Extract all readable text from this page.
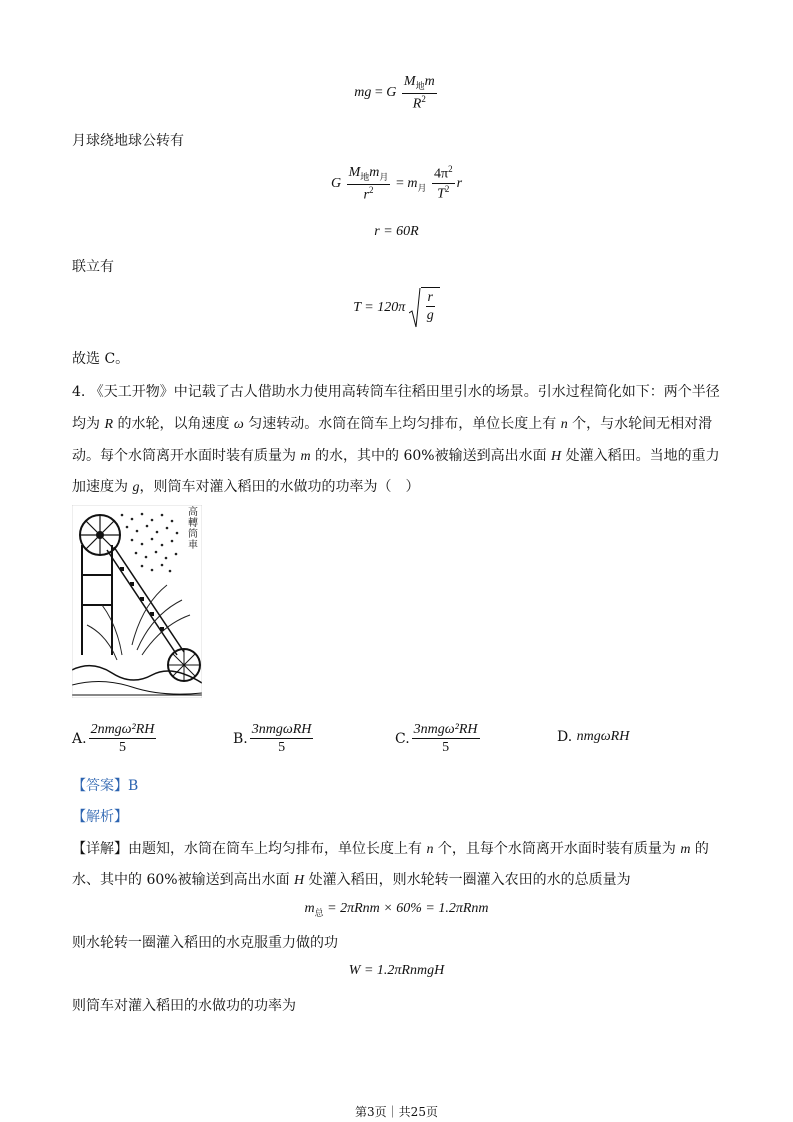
mg = G $\frac{M_地m}{R^2}$
月球绕地球公转有
G $\frac{M_地m_月}{r^2} = m_月 \frac{4\pi^2}{T^2}$ r
r = 60R
联立有
$T = 120\pi \frac{r}{g}$
故选 C。
4. 《天工开物》中记载了古人借助水力使用高转筒车往稻田里引水的场景。引水过程简化如下：两个半径
均为 R 的水轮，以角速度 ω 匀速转动。水筒在筒车上均匀排布，单位长度上有 n 个，与水轮间无相对滑
动。每个水筒离开水面时装有质量为 m 的水，其中的 60%被输送到高出水面 H 处灌入稻田。当地的重力
加速度为 g，则筒车对灌入稻田的水做功的功率为（　）
高轉筒車
A. $\frac{\text{2nmgω²RH}}{5}$	B. $\frac{\text{3nmgωRH}}{5}$	C. $\frac{\text{3nmgω²RH}}{5}$	D.
nmgωRH
【答案】B
【解析】
【详解】由题知，水筒在筒车上均匀排布，单位长度上有 n 个，且每个水筒离开水面时装有质量为 m 的
水、其中的 60%被输送到高出水面 H 处灌入稻田，则水轮转一圈灌入农田的水的总质量为
$m_总 = 2\pi Rnm \times 60\% = 1.2\pi Rnm$
则水轮转一圈灌入稻田的水克服重力做的功
W = 1.2πRnmgH
则筒车对灌入稻田的水做功的功率为
第3页｜共25页
